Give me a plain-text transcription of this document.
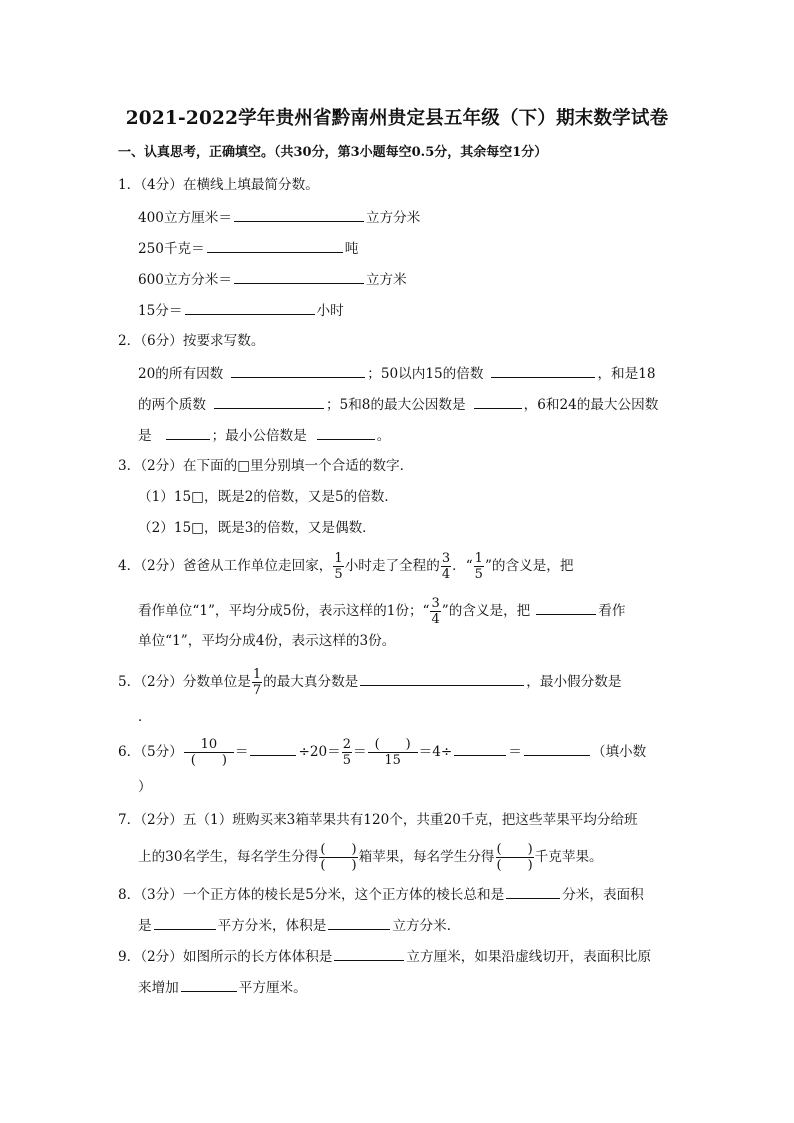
2021-2022学年贵州省黔南州贵定县五年级（下）期末数学试卷
一、认真思考，正确填空。（共30分，第3小题每空0.5分，其余每空1分）
1．（4分）在横线上填最简分数。
400立方厘米＝	立方分米
250千克＝	吨
600立方分米＝	立方米
15分＝	小时
2．（6分）按要求写数。
20的所有因数	；50以内15的倍数	，和是18
的两个质数	；5和8的最大公因数是	，6和24的最大公因数
是	；最小公倍数是	。
3．（2分）在下面的□里分别填一个合适的数字．
（1）15□，既是2的倍数，又是5的倍数．
（2）15□，既是3的倍数，又是偶数．
4．（2分）爸爸从工作单位走回家， $\frac{1}{5}$ 小时走了全程的 $\frac{3}{4}$ ．“ $\frac{1}{5}$ ”的含义是，把
看作单位“1”，平均分成5份，表示这样的1份；“ $\frac{3}{4}$ ”的含义是，把	看作
单位“1”，平均分成4份，表示这样的3份。
5．（2分）分数单位是 $\frac{1}{7}$ 的最大真分数是	，最小假分数是
．
6．（5分） $\frac{10}{( )}$ ＝	$\div 20= \frac{2}{5} = \frac{( )}{15} =4\div$	＝	（填小数
）
7．（2分）五（1）班购买来3箱苹果共有120个，共重20千克，把这些苹果平均分给班
上的30名学生，每名学生分得 $\frac{( )}{( )}$ 箱苹果，每名学生分得 $\frac{( )}{( )}$ 千克苹果。
8．（3分）一个正方体的棱长是5分米，这个正方体的棱长总和是	分米，表面积
是	平方分米，体积是	立方分米．
9．（2分）如图所示的长方体体积是	立方厘米，如果沿虚线切开，表面积比原
来增加	平方厘米。
